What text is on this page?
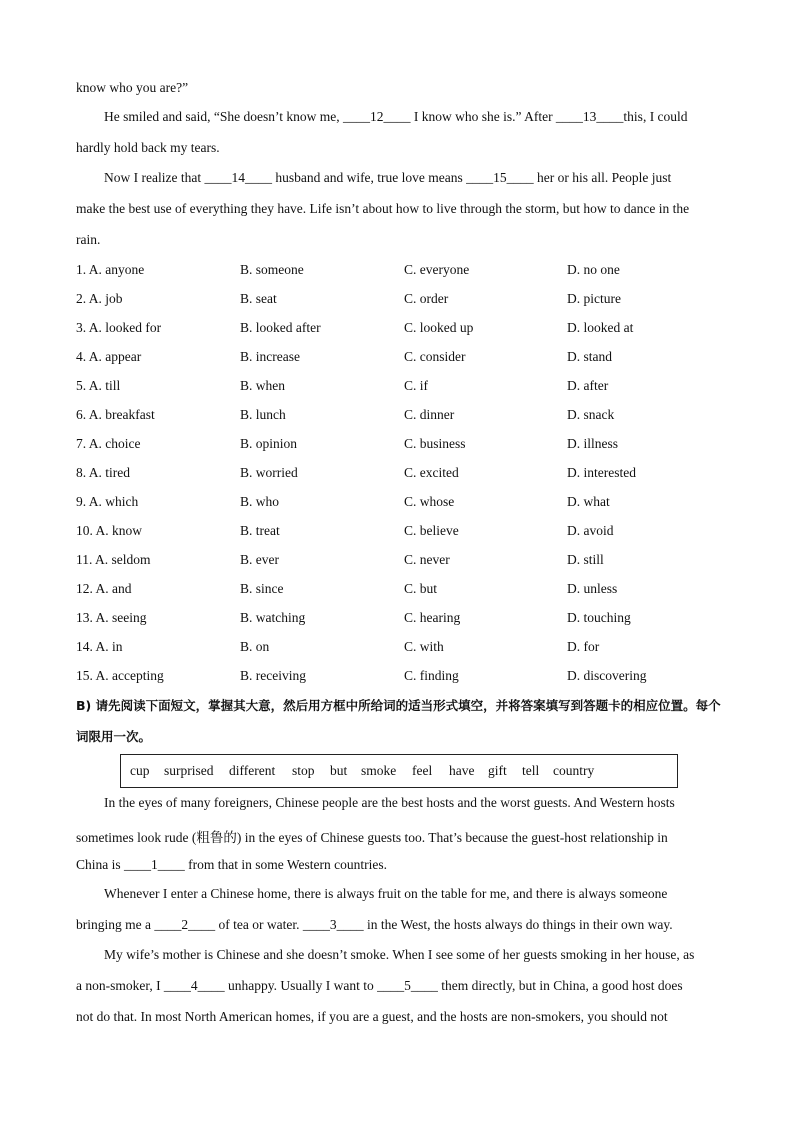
know who you are?”
He smiled and said, “She doesn’t know me, ____12____ I know who she is.” After ____13____this, I could
hardly hold back my tears.
Now I realize that ____14____ husband and wife, true love means ____15____ her or his all. People just
make the best use of everything they have. Life isn’t about how to live through the storm, but how to dance in the
rain.
1. A. anyone	B. someone	C. everyone	D. no one
2. A. job	B. seat	C. order	D. picture
3. A. looked for	B. looked after	C. looked up	D. looked at
4. A. appear	B. increase	C. consider	D. stand
5. A. till	B. when	C. if	D. after
6. A. breakfast	B. lunch	C. dinner	D. snack
7. A. choice	B. opinion	C. business	D. illness
8. A. tired	B. worried	C. excited	D. interested
9. A. which	B. who	C. whose	D. what
10. A. know	B. treat	C. believe	D. avoid
11. A. seldom	B. ever	C. never	D. still
12. A. and	B. since	C. but	D. unless
13. A. seeing	B. watching	C. hearing	D. touching
14. A. in	B. on	C. with	D. for
15. A. accepting	B. receiving	C. finding	D. discovering
B) 请先阅读下面短文，掌握其大意，然后用方框中所给词的适当形式填空，并将答案填写到答题卡的相应位置。每个词限用一次。
cup surprised different stop but smoke feel have gift tell country
In the eyes of many foreigners, Chinese people are the best hosts and the worst guests. And Western hosts
sometimes look rude (粗鲁的) in the eyes of Chinese guests too. That’s because the guest-host relationship in
China is ____1____ from that in some Western countries.
Whenever I enter a Chinese home, there is always fruit on the table for me, and there is always someone
bringing me a ____2____ of tea or water. ____3____ in the West, the hosts always do things in their own way.
My wife’s mother is Chinese and she doesn’t smoke. When I see some of her guests smoking in her house, as
a non-smoker, I ____4____ unhappy. Usually I want to ____5____ them directly, but in China, a good host does
not do that. In most North American homes, if you are a guest, and the hosts are non-smokers, you should not
